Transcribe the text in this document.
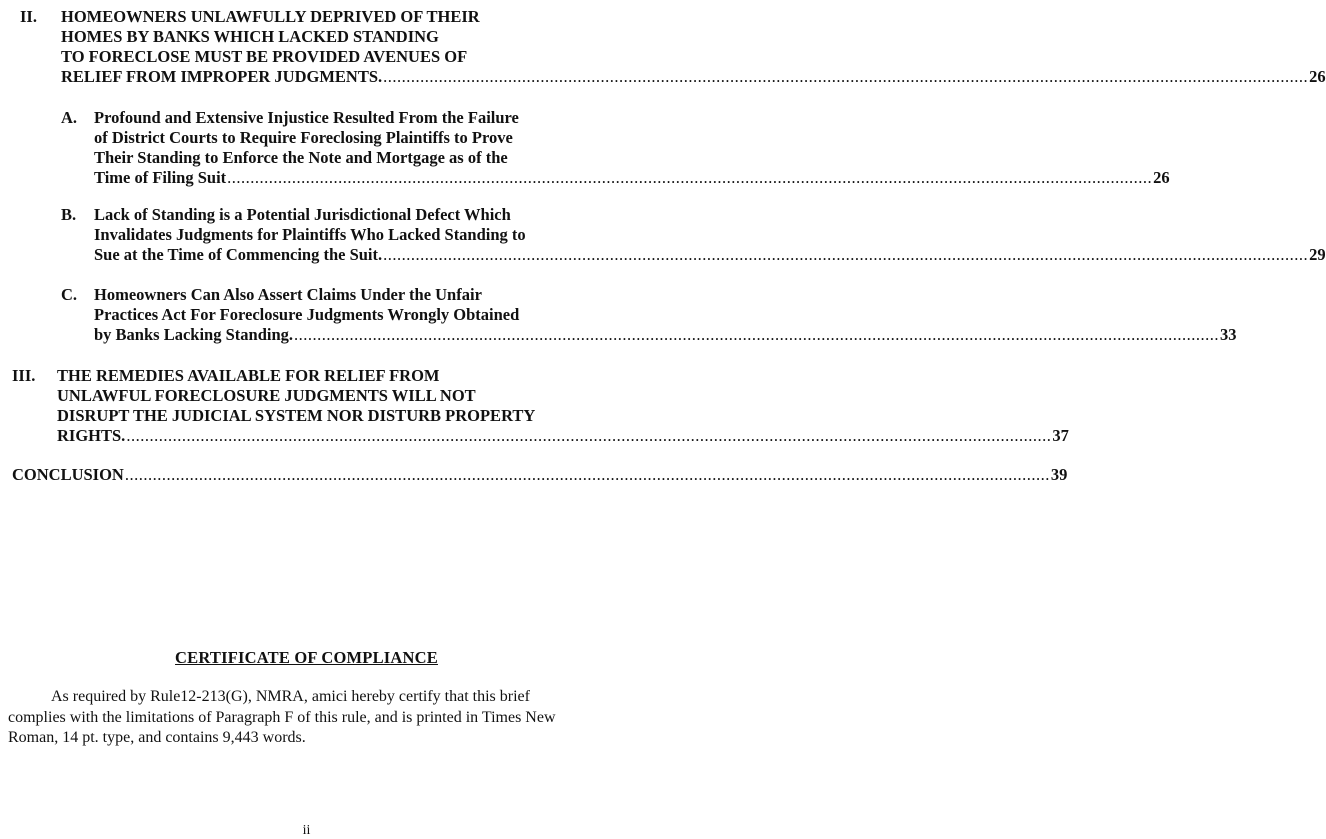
II. HOMEOWNERS UNLAWFULLY DEPRIVED OF THEIR
HOMES BY BANKS WHICH LACKED STANDING
TO FORECLOSE MUST BE PROVIDED AVENUES OF
RELIEF FROM IMPROPER JUDGMENTS. ........................................................................................................................................................................................................ 26
A. Profound and Extensive Injustice Resulted From the Failure
of District Courts to Require Foreclosing Plaintiffs to Prove
Their Standing to Enforce the Note and Mortgage as of the
Time of Filing Suit ........................................................................................................................................................................................................ 26
B. Lack of Standing is a Potential Jurisdictional Defect Which
Invalidates Judgments for Plaintiffs Who Lacked Standing to
Sue at the Time of Commencing the Suit. ........................................................................................................................................................................................................ 29
C. Homeowners Can Also Assert Claims Under the Unfair
Practices Act For Foreclosure Judgments Wrongly Obtained
by Banks Lacking Standing. ........................................................................................................................................................................................................ 33
III. THE REMEDIES AVAILABLE FOR RELIEF FROM
UNLAWFUL FORECLOSURE JUDGMENTS WILL NOT
DISRUPT THE JUDICIAL SYSTEM NOR DISTURB PROPERTY
RIGHTS. ........................................................................................................................................................................................................ 37
CONCLUSION ........................................................................................................................................................................................................ 39
CERTIFICATE OF COMPLIANCE
As required by Rule12-213(G), NMRA, amici hereby certify that this brief
complies with the limitations of Paragraph F of this rule, and is printed in Times New
Roman, 14 pt. type, and contains 9,443 words.
ii
